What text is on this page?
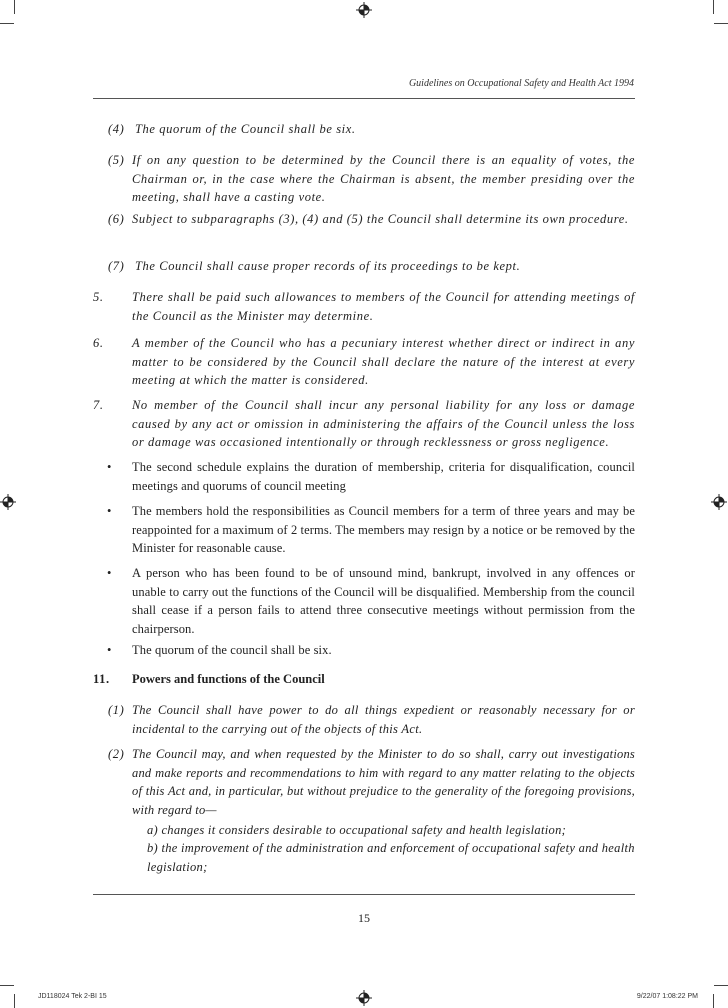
Guidelines on Occupational Safety and Health Act 1994
(4) The quorum of the Council shall be six.
(5) If on any question to be determined by the Council there is an equality of votes, the Chairman or, in the case where the Chairman is absent, the member presiding over the meeting, shall have a casting vote.
(6) Subject to subparagraphs (3), (4) and (5) the Council shall determine its own procedure.
(7) The Council shall cause proper records of its proceedings to be kept.
5. There shall be paid such allowances to members of the Council for attending meetings of the Council as the Minister may determine.
6. A member of the Council who has a pecuniary interest whether direct or indirect in any matter to be considered by the Council shall declare the nature of the interest at every meeting at which the matter is considered.
7. No member of the Council shall incur any personal liability for any loss or damage caused by any act or omission in administering the affairs of the Council unless the loss or damage was occasioned intentionally or through recklessness or gross negligence.
• The second schedule explains the duration of membership, criteria for disqualification, council meetings and quorums of council meeting
• The members hold the responsibilities as Council members for a term of three years and may be reappointed for a maximum of 2 terms. The members may resign by a notice or be removed by the Minister for reasonable cause.
• A person who has been found to be of unsound mind, bankrupt, involved in any offences or unable to carry out the functions of the Council will be disqualified. Membership from the council shall cease if a person fails to attend three consecutive meetings without permission from the chairperson.
• The quorum of the council shall be six.
11. Powers and functions of the Council
(1) The Council shall have power to do all things expedient or reasonably necessary for or incidental to the carrying out of the objects of this Act.
(2) The Council may, and when requested by the Minister to do so shall, carry out investigations and make reports and recommendations to him with regard to any matter relating to the objects of this Act and, in particular, but without prejudice to the generality of the foregoing provisions, with regard to—
a) changes it considers desirable to occupational safety and health legislation;
b) the improvement of the administration and enforcement of occupational safety and health legislation;
15
JD118024 Tek 2-BI 15	9/22/07 1:08:22 PM
